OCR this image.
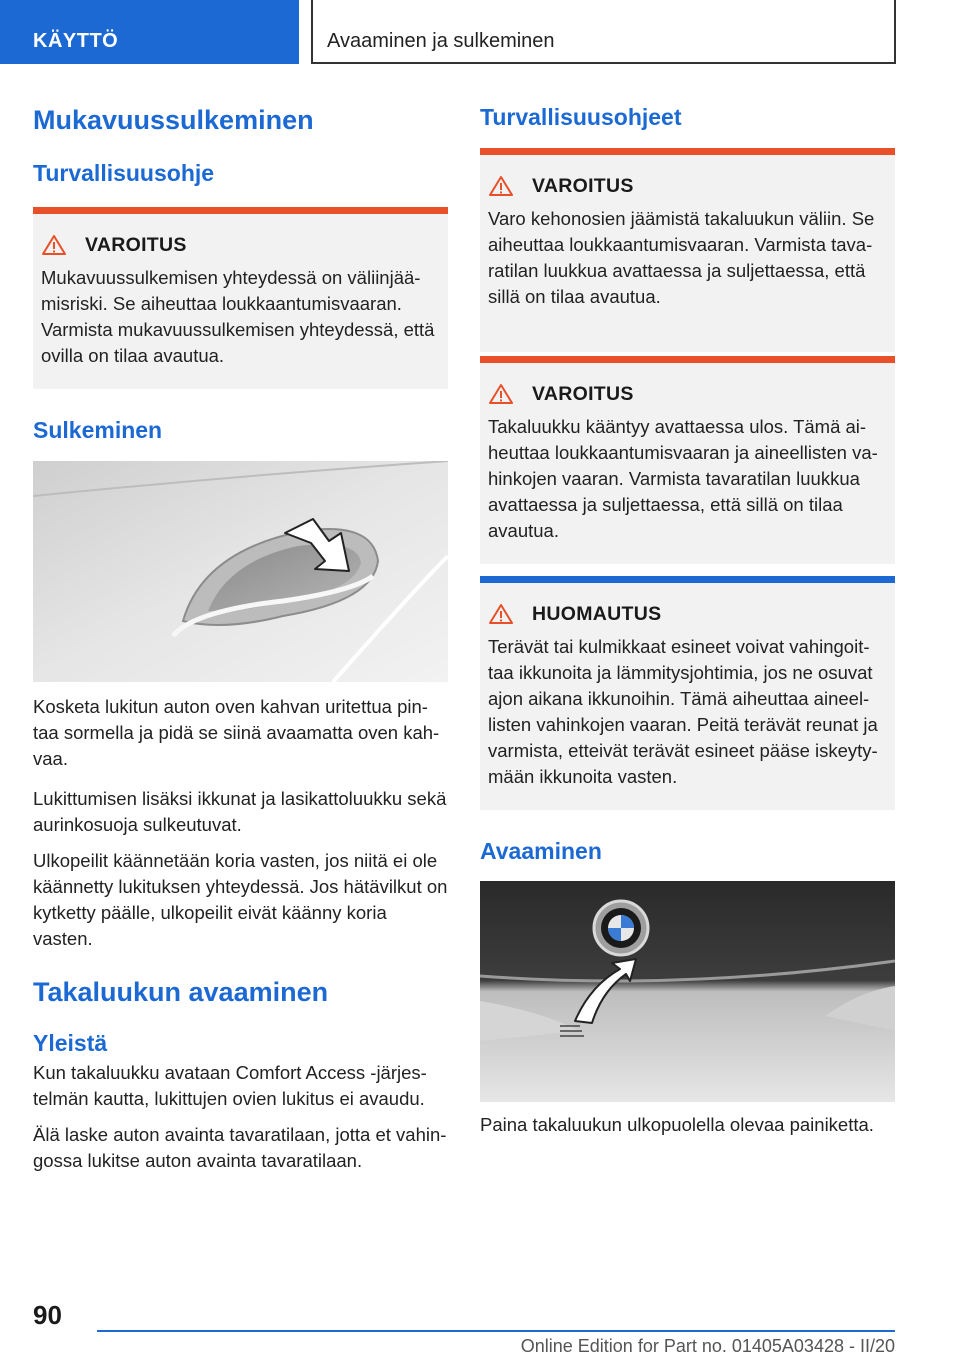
KÄYTTÖ	Avaaminen ja sulkeminen
Mukavuussulkeminen
Turvallisuusohje
VAROITUS

Mukavuussulkemisen yhteydessä on väliinjää-misriski. Se aiheuttaa loukkaantumisvaaran. Varmista mukavuussulkemisen yhteydessä, että ovilla on tilaa avautua.

Sulkeminen

Kosketa lukitun auton oven kahvan uritettua pin-taa sormella ja pidä se siinä avaamatta oven kah-vaa.

Lukittumisen lisäksi ikkunat ja lasikattoluukku sekä aurinkosuoja sulkeutuvat.

Ulkopeilit käännetään koria vasten, jos niitä ei ole käännetty lukituksen yhteydessä. Jos hätävilkut on kytketty päälle, ulkopeilit eivät käänny koria vasten.

Takaluukun avaaminen
Yleistä

Kun takaluukku avataan Comfort Access -järjes-telmän kautta, lukittujen ovien lukitus ei avaudu.

Älä laske auton avainta tavaratilaan, jotta et vahin-gossa lukitse auton avainta tavaratilaan.

Turvallisuusohjeet
VAROITUS

Varo kehonosien jäämistä takaluukun väliin. Se aiheuttaa loukkaantumisvaaran. Varmista tava-ratilan luukkua avattaessa ja suljettaessa, että sillä on tilaa avautua.

VAROITUS

Takaluukku kääntyy avattaessa ulos. Tämä ai-heuttaa loukkaantumisvaaran ja aineellisten va-hinkojen vaaran. Varmista tavaratilan luukkua avattaessa ja suljettaessa, että sillä on tilaa avautua.

HUOMAUTUS

Terävät tai kulmikkaat esineet voivat vahingoit-taa ikkunoita ja lämmitysjohtimia, jos ne osuvat ajon aikana ikkunoihin. Tämä aiheuttaa aineel-listen vahinkojen vaaran. Peitä terävät reunat ja varmista, etteivät terävät esineet pääse iskeyty-mään ikkunoita vasten.

Avaaminen

Paina takaluukun ulkopuolella olevaa painiketta.

90
Online Edition for Part no. 01405A03428 - II/20
